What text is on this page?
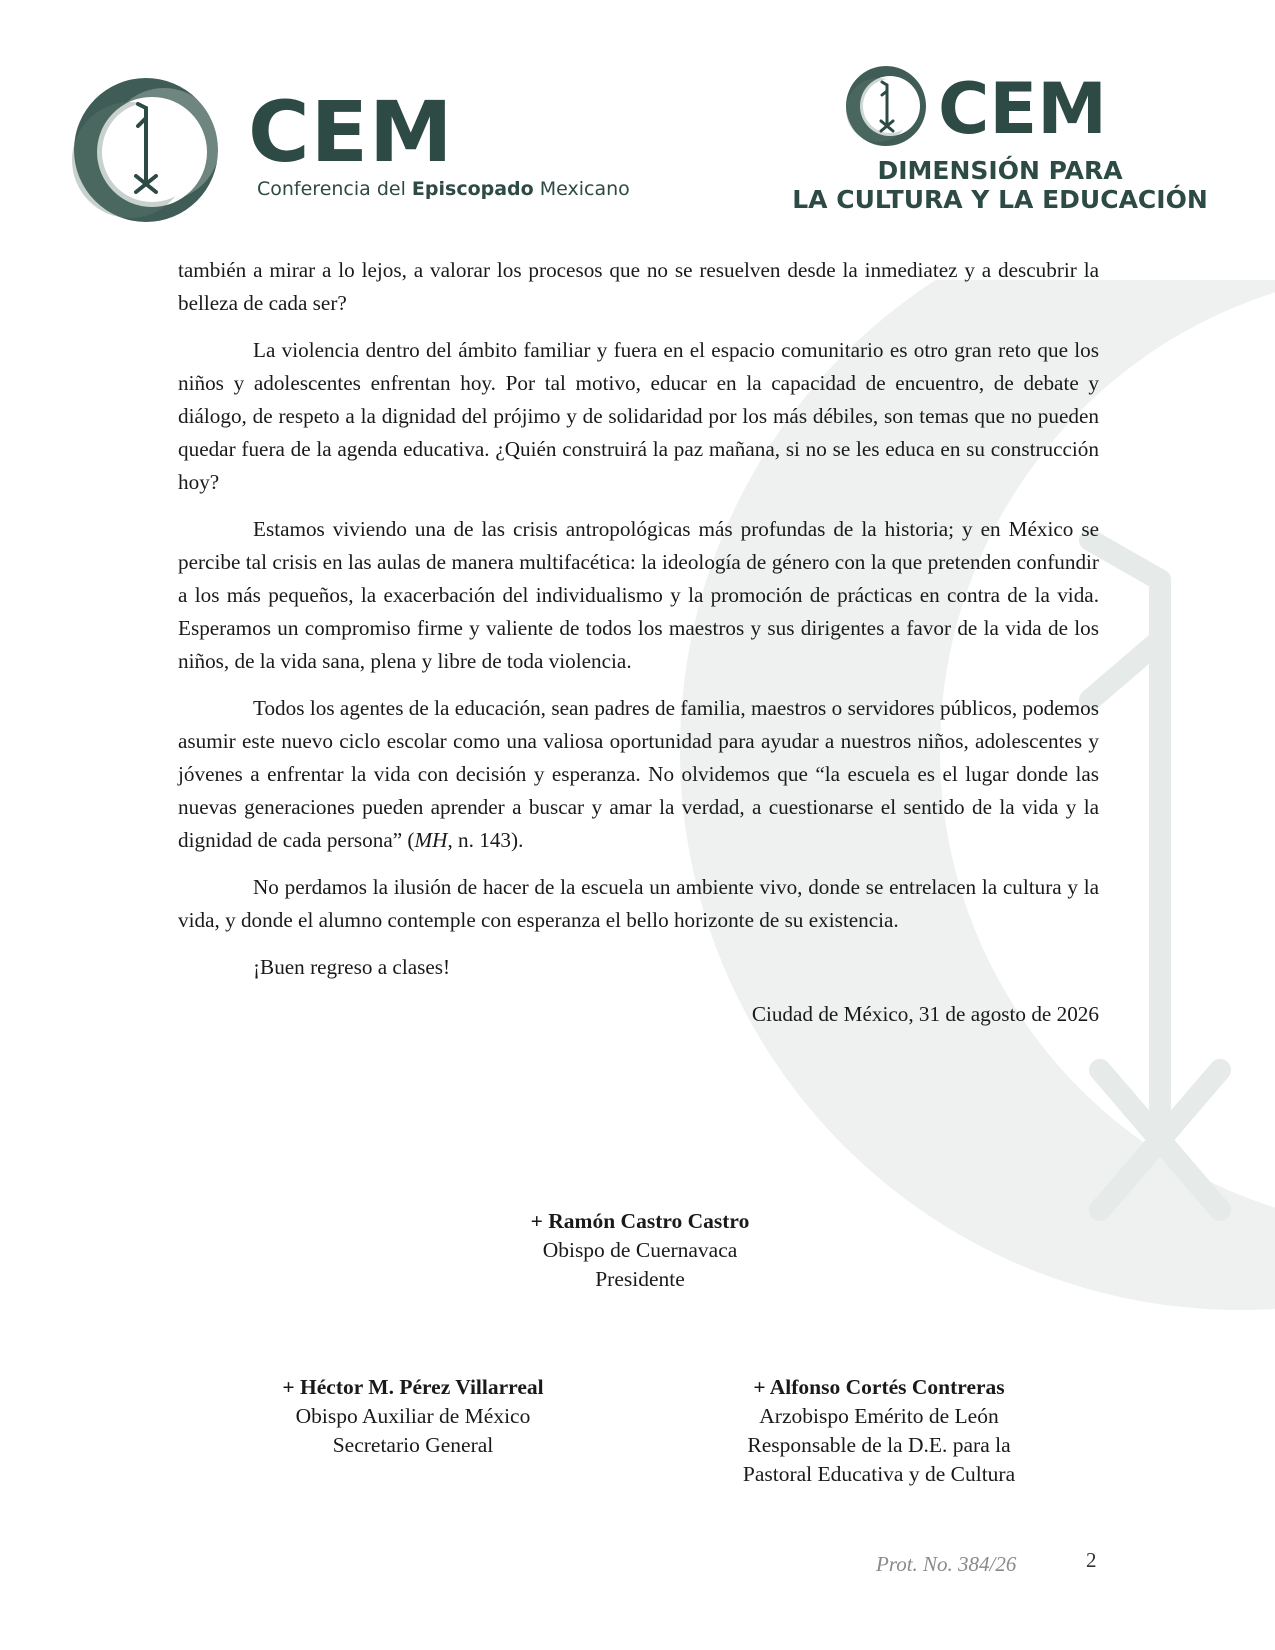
CEM
Conferencia del Episcopado Mexicano
CEM
DIMENSIÓN PARA
LA CULTURA Y LA EDUCACIÓN

también a mirar a lo lejos, a valorar los procesos que no se resuelven desde la inmediatez y a descubrir la belleza de cada ser?

La violencia dentro del ámbito familiar y fuera en el espacio comunitario es otro gran reto que los niños y adolescentes enfrentan hoy. Por tal motivo, educar en la capacidad de encuentro, de debate y diálogo, de respeto a la dignidad del prójimo y de solidaridad por los más débiles, son temas que no pueden quedar fuera de la agenda educativa. ¿Quién construirá la paz mañana, si no se les educa en su construcción hoy?

Estamos viviendo una de las crisis antropológicas más profundas de la historia; y en México se percibe tal crisis en las aulas de manera multifacética: la ideología de género con la que pretenden confundir a los más pequeños, la exacerbación del individualismo y la promoción de prácticas en contra de la vida. Esperamos un compromiso firme y valiente de todos los maestros y sus dirigentes a favor de la vida de los niños, de la vida sana, plena y libre de toda violencia.

Todos los agentes de la educación, sean padres de familia, maestros o servidores públicos, podemos asumir este nuevo ciclo escolar como una valiosa oportunidad para ayudar a nuestros niños, adolescentes y jóvenes a enfrentar la vida con decisión y esperanza. No olvidemos que “la escuela es el lugar donde las nuevas generaciones pueden aprender a buscar y amar la verdad, a cuestionarse el sentido de la vida y la dignidad de cada persona” (MH, n. 143).

No perdamos la ilusión de hacer de la escuela un ambiente vivo, donde se entrelacen la cultura y la vida, y donde el alumno contemple con esperanza el bello horizonte de su existencia.

¡Buen regreso a clases!

Ciudad de México, 31 de agosto de 2026

+ Ramón Castro Castro
Obispo de Cuernavaca
Presidente
+ Héctor M. Pérez Villarreal
Obispo Auxiliar de México
Secretario General
+ Alfonso Cortés Contreras
Arzobispo Emérito de León
Responsable de la D.E. para la
Pastoral Educativa y de Cultura
Prot. No. 384/26	2
